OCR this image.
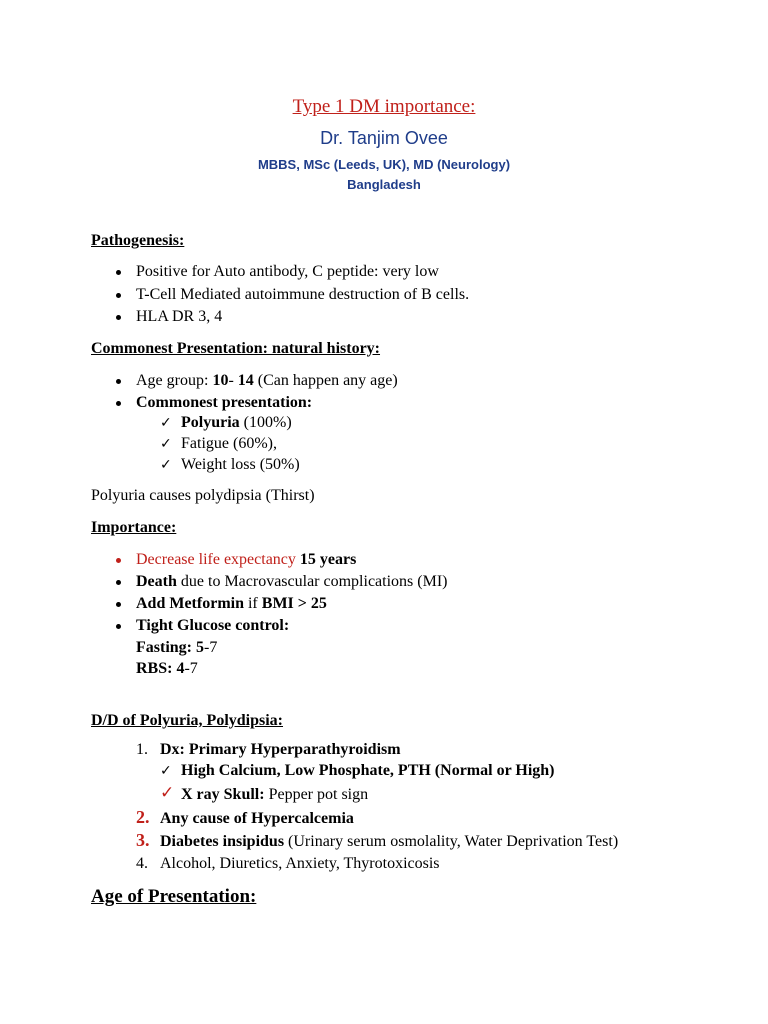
Type 1 DM importance:
Dr. Tanjim Ovee
MBBS, MSc (Leeds, UK), MD (Neurology)
Bangladesh
Pathogenesis:
Positive for Auto antibody, C peptide: very low
T-Cell Mediated autoimmune destruction of B cells.
HLA DR 3, 4
Commonest Presentation: natural history:
Age group: 10- 14 (Can happen any age)
Commonest presentation:
✓ Polyuria (100%)
✓ Fatigue (60%),
✓ Weight loss (50%)
Polyuria causes polydipsia (Thirst)
Importance:
Decrease life expectancy 15 years
Death due to Macrovascular complications (MI)
Add Metformin if BMI > 25
Tight Glucose control:
Fasting: 5-7
RBS: 4-7
D/D of Polyuria, Polydipsia:
1. Dx: Primary Hyperparathyroidism
✓ High Calcium, Low Phosphate, PTH (Normal or High)
✓ X ray Skull: Pepper pot sign
2. Any cause of Hypercalcemia
3. Diabetes insipidus (Urinary serum osmolality, Water Deprivation Test)
4. Alcohol, Diuretics, Anxiety, Thyrotoxicosis
Age of Presentation:
